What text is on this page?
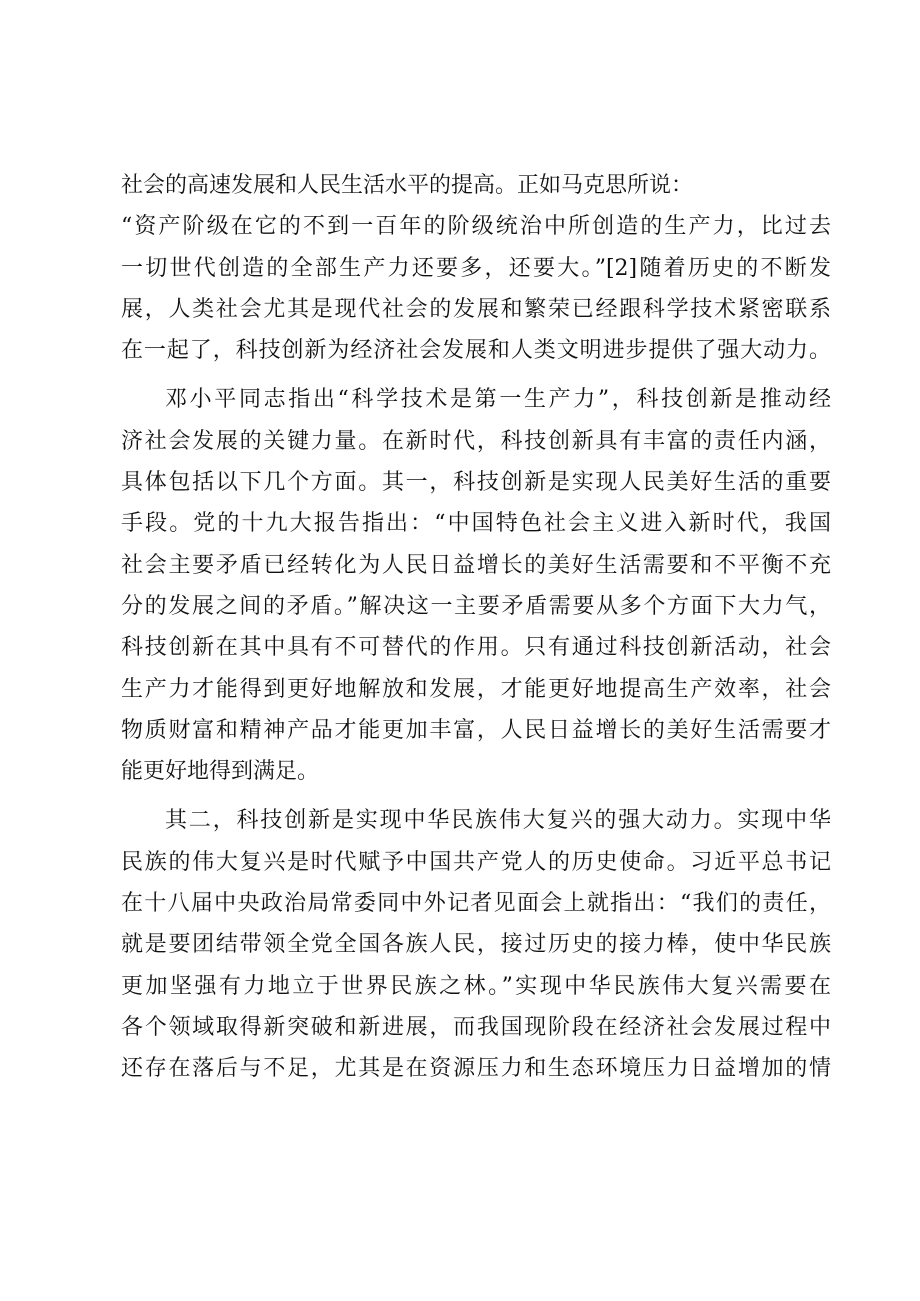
社会的高速发展和人民生活水平的提高。正如马克思所说：
“资产阶级在它的不到一百年的阶级统治中所创造的生产力，比过去
一切世代创造的全部生产力还要多，还要大。”[2]随着历史的不断发
展，人类社会尤其是现代社会的发展和繁荣已经跟科学技术紧密联系
在一起了，科技创新为经济社会发展和人类文明进步提供了强大动力。
邓小平同志指出“科学技术是第一生产力”，科技创新是推动经
济社会发展的关键力量。在新时代，科技创新具有丰富的责任内涵，
具体包括以下几个方面。其一，科技创新是实现人民美好生活的重要
手段。党的十九大报告指出：“中国特色社会主义进入新时代，我国
社会主要矛盾已经转化为人民日益增长的美好生活需要和不平衡不充
分的发展之间的矛盾。”解决这一主要矛盾需要从多个方面下大力气，
科技创新在其中具有不可替代的作用。只有通过科技创新活动，社会
生产力才能得到更好地解放和发展，才能更好地提高生产效率，社会
物质财富和精神产品才能更加丰富，人民日益增长的美好生活需要才
能更好地得到满足。
其二，科技创新是实现中华民族伟大复兴的强大动力。实现中华
民族的伟大复兴是时代赋予中国共产党人的历史使命。习近平总书记
在十八届中央政治局常委同中外记者见面会上就指出：“我们的责任，
就是要团结带领全党全国各族人民，接过历史的接力棒，使中华民族
更加坚强有力地立于世界民族之林。”实现中华民族伟大复兴需要在
各个领域取得新突破和新进展，而我国现阶段在经济社会发展过程中
还存在落后与不足，尤其是在资源压力和生态环境压力日益增加的情
